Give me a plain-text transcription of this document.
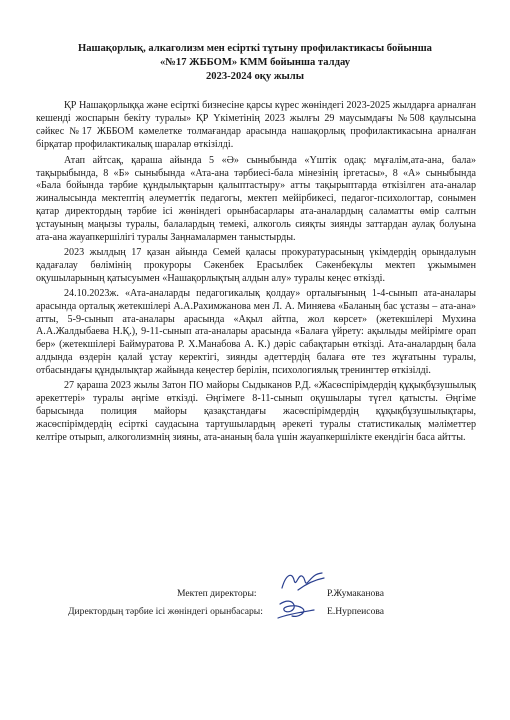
Нашақорлық, алкаголизм мен есірткі тұтыну профилактикасы бойынша
«№17 ЖББОМ» КММ бойынша талдау
2023-2024 оқу жылы

ҚР Нашақорлыққа және есірткі бизнесіне қарсы күрес жөніндегі 2023-2025 жылдарға арналған кешенді жоспарын бекіту туралы» ҚР Үкіметінің 2023 жылғы 29 маусымдағы №508 қаулысына сәйкес №17 ЖББОМ кәмелетке толмағандар арасында нашақорлық профилактикасына арналған бірқатар профилактикалық шаралар өткізілді.

Атап айтсақ, қараша айында 5 «Ә» сыныбында «Үштік одақ: мұғалім,ата-ана, бала» тақырыбында, 8 «Б» сыныбында «Ата-ана тәрбиесі-бала мінезінің іргетасы», 8 «А» сыныбында «Бала бойында тәрбие құндылықтарын қалыптастыру» атты тақырыптарда өткізілген ата-аналар жиналысында мектептің әлеуметтік педагогы, мектеп мейірбикесі, педагог-психологтар, сонымен қатар директордың тәрбие ісі жөніндегі орынбасарлары ата-аналардың саламатты өмір салтын ұстауының маңызы туралы, балалардың темекі, алкоголь сияқты зиянды заттардан аулақ болуына ата-ана жауапкершілігі туралы Заңнамалармен таныстырды.

2023 жылдың 17 қазан айында Семей қаласы прокуратурасының үкімдердің орындалуын қадағалау бөлімінің прокуроры Сәкенбек Ерасылбек Сәкенбекұлы мектеп ұжымымен оқушыларының қатысуымен «Нашақорлықтың алдын алу» туралы кеңес өткізді.

24.10.2023ж. «Ата-аналарды педагогикалық қолдау» орталығының 1-4-сынып ата-аналары арасында орталық жетекшілері А.А.Рахимжанова мен Л. А. Миняева «Баланың бас ұстазы – ата-ана» атты, 5-9-сынып ата-аналары арасында «Ақыл айтпа, жол көрсет» (жетекшілері Мухина А.А.Жалдыбаева Н.Қ.), 9-11-сынып ата-аналары арасында «Балаға үйрету: ақылыды мейірімге орап бер» (жетекшілері Баймуратова Р. Х.Манабова А. К.) дәріс сабақтарын өткізді. Ата-аналардың бала алдында өздерін қалай ұстау керектігі, зиянды әдеттердің балаға өте тез жұғатыны туралы, отбасындағы құндылықтар жайында кеңестер берілін, психологиялық тренингтер өткізілді.

27 қараша 2023 жылы Затон ПО майоры Сыдыканов Р.Д. «Жасөспірімдердің құқықбұзушылық әрекеттері» туралы әңгіме өткізді. Әңгімеге 8-11-сынып оқушылары түгел қатысты. Әңгіме барысында полиция майоры қазақстандағы жасөспірімдердің құқықбұзушылықтары, жасөспірімдердің есірткі саудасына тартушылардың әрекеті туралы статистикалық мәліметтер келтіре отырып, алкоголизмнің зияны, ата-ананың бала үшін жауапкершілікте екендігін баса айтты.

Мектеп директоры:	Р.Жумаканова
Директордың тәрбие ісі жөніндегі орынбасары:	Е.Нурпеисова
